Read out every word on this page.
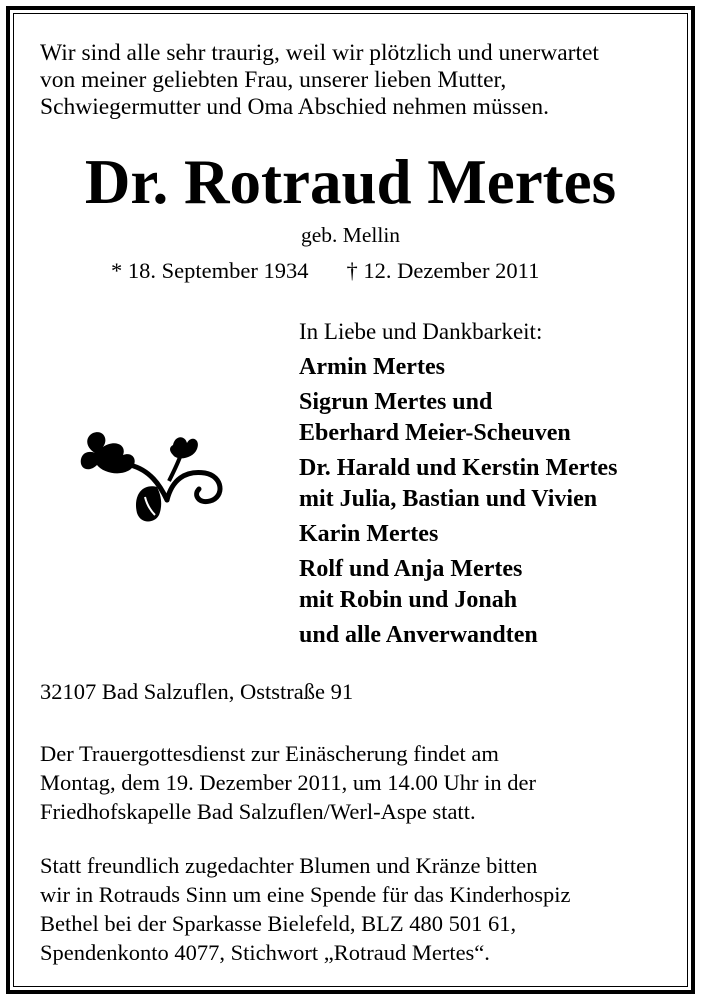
Wir sind alle sehr traurig, weil wir plötzlich und unerwartet
von meiner geliebten Frau, unserer lieben Mutter,
Schwiegermutter und Oma Abschied nehmen müssen.
Dr. Rotraud Mertes
geb. Mellin
* 18. September 1934 † 12. Dezember 2011
In Liebe und Dankbarkeit:
Armin Mertes
Sigrun Mertes und
Eberhard Meier-Scheuven
Dr. Harald und Kerstin Mertes
mit Julia, Bastian und Vivien
Karin Mertes
Rolf und Anja Mertes
mit Robin und Jonah
und alle Anverwandten
32107 Bad Salzuflen, Oststraße 91
Der Trauergottesdienst zur Einäscherung findet am
Montag, dem 19. Dezember 2011, um 14.00 Uhr in der
Friedhofskapelle Bad Salzuflen/Werl-Aspe statt.
Statt freundlich zugedachter Blumen und Kränze bitten
wir in Rotrauds Sinn um eine Spende für das Kinderhospiz
Bethel bei der Sparkasse Bielefeld, BLZ 480 501 61,
Spendenkonto 4077, Stichwort „Rotraud Mertes“.
